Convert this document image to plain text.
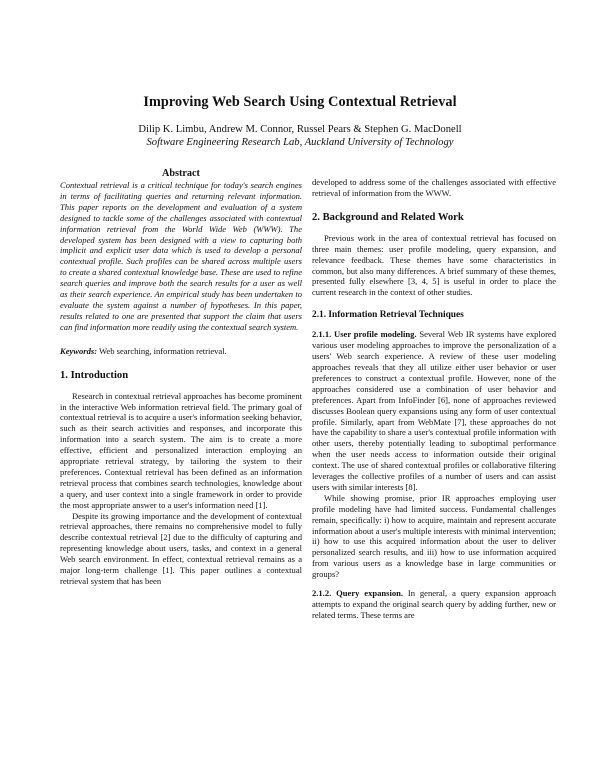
Improving Web Search Using Contextual Retrieval
Dilip K. Limbu, Andrew M. Connor, Russel Pears & Stephen G. MacDonell
Software Engineering Research Lab, Auckland University of Technology
Abstract

Contextual retrieval is a critical technique for today's search engines in terms of facilitating queries and returning relevant information. This paper reports on the development and evaluation of a system designed to tackle some of the challenges associated with contextual information retrieval from the World Wide Web (WWW). The developed system has been designed with a view to capturing both implicit and explicit user data which is used to develop a personal contextual profile. Such profiles can be shared across multiple users to create a shared contextual knowledge base. These are used to refine search queries and improve both the search results for a user as well as their search experience. An empirical study has been undertaken to evaluate the system against a number of hypotheses. In this paper, results related to one are presented that support the claim that users can find information more readily using the contextual search system.

Keywords: Web searching, information retrieval.

1. Introduction

Research in contextual retrieval approaches has become prominent in the interactive Web information retrieval field. The primary goal of contextual retrieval is to acquire a user's information seeking behavior, such as their search activities and responses, and incorporate this information into a search system. The aim is to create a more effective, efficient and personalized interaction employing an appropriate retrieval strategy, by tailoring the system to their preferences. Contextual retrieval has been defined as an information retrieval process that combines search technologies, knowledge about a query, and user context into a single framework in order to provide the most appropriate answer to a user's information need [1].

Despite its growing importance and the development of contextual retrieval approaches, there remains no comprehensive model to fully describe contextual retrieval [2] due to the difficulty of capturing and representing knowledge about users, tasks, and context in a general Web search environment. In effect, contextual retrieval remains as a major long-term challenge [1]. This paper outlines a contextual retrieval system that has been

developed to address some of the challenges associated with effective retrieval of information from the WWW.

2. Background and Related Work

Previous work in the area of contextual retrieval has focused on three main themes: user profile modeling, query expansion, and relevance feedback. These themes have some characteristics in common, but also many differences. A brief summary of these themes, presented fully elsewhere [3, 4, 5] is useful in order to place the current research in the context of other studies.

2.1. Information Retrieval Techniques

2.1.1. User profile modeling. Several Web IR systems have explored various user modeling approaches to improve the personalization of a users' Web search experience. A review of these user modeling approaches reveals that they all utilize either user behavior or user preferences to construct a contextual profile. However, none of the approaches considered use a combination of user behavior and preferences. Apart from InfoFinder [6], none of approaches reviewed discusses Boolean query expansions using any form of user contextual profile. Similarly, apart from WebMate [7], these approaches do not have the capability to share a user's contextual profile information with other users, thereby potentially leading to suboptimal performance when the user needs access to information outside their original context. The use of shared contextual profiles or collaborative filtering leverages the collective profiles of a number of users and can assist users with similar interests [8].

While showing promise, prior IR approaches employing user profile modeling have had limited success. Fundamental challenges remain, specifically: i) how to acquire, maintain and represent accurate information about a user's multiple interests with minimal intervention; ii) how to use this acquired information about the user to deliver personalized search results, and iii) how to use information acquired from various users as a knowledge base in large communities or groups?

2.1.2. Query expansion. In general, a query expansion approach attempts to expand the original search query by adding further, new or related terms. These terms are
